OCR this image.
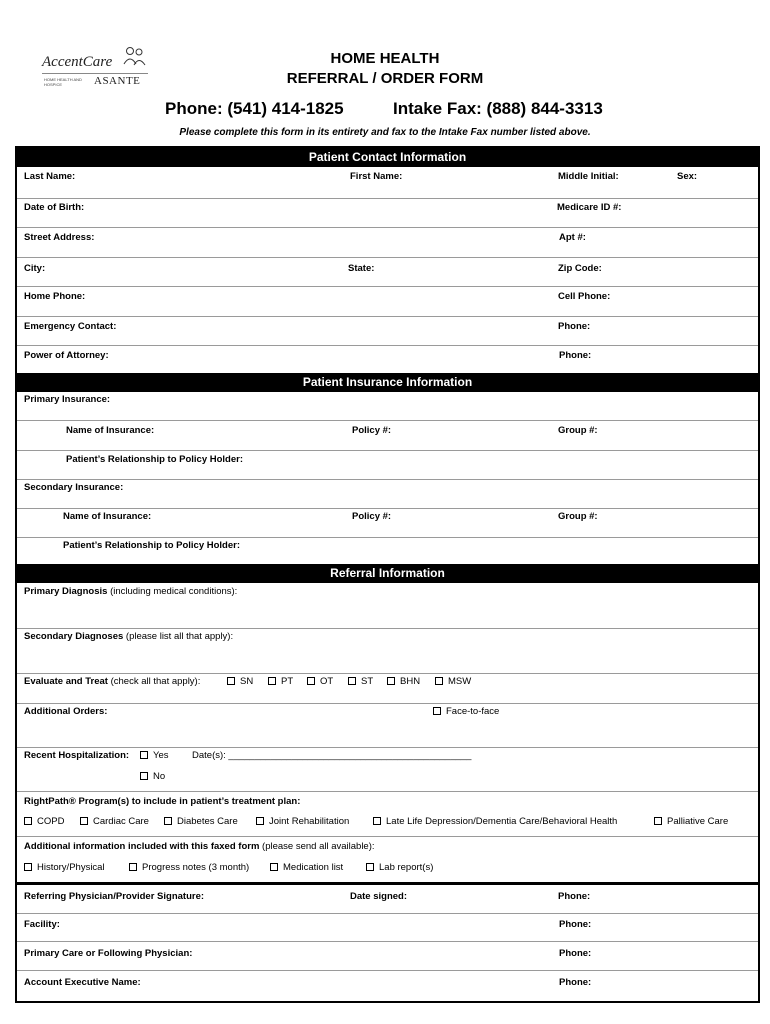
AccentCare
HOME HEALTH AND HOSPICE	ASANTE
HOME HEALTH
REFERRAL / ORDER FORM
Phone: (541) 414-1825	Intake Fax: (888) 844-3313
Please complete this form in its entirety and fax to the Intake Fax number listed above.
Patient Contact Information
Last Name:	First Name:	Middle Initial:	Sex:
Date of Birth:	Medicare ID #:
Street Address:	Apt #:
City:	State:	Zip Code:
Home Phone:	Cell Phone:
Emergency Contact:	Phone:
Power of Attorney:	Phone:
Patient Insurance Information
Primary Insurance:
Name of Insurance:	Policy #:	Group #:
Patient’s Relationship to Policy Holder:
Secondary Insurance:
Name of Insurance:	Policy #:	Group #:
Patient’s Relationship to Policy Holder:
Referral Information
Primary Diagnosis (including medical conditions):
Secondary Diagnoses (please list all that apply):
Evaluate and Treat (check all that apply):	SN	PT	OT	ST	BHN	MSW
Additional Orders:	Face-to-face
Recent Hospitalization:	Yes Date(s): ______________________________________________
No
RightPath® Program(s) to include in patient’s treatment plan:
COPD	Cardiac Care	Diabetes Care	Joint Rehabilitation	Late Life Depression/Dementia Care/Behavioral Health	Palliative Care
Additional information included with this faxed form (please send all available):
History/Physical	Progress notes (3 month)	Medication list	Lab report(s)
Referring Physician/Provider Signature:	Date signed:	Phone:
Facility:	Phone:
Primary Care or Following Physician:	Phone:
Account Executive Name:	Phone:
